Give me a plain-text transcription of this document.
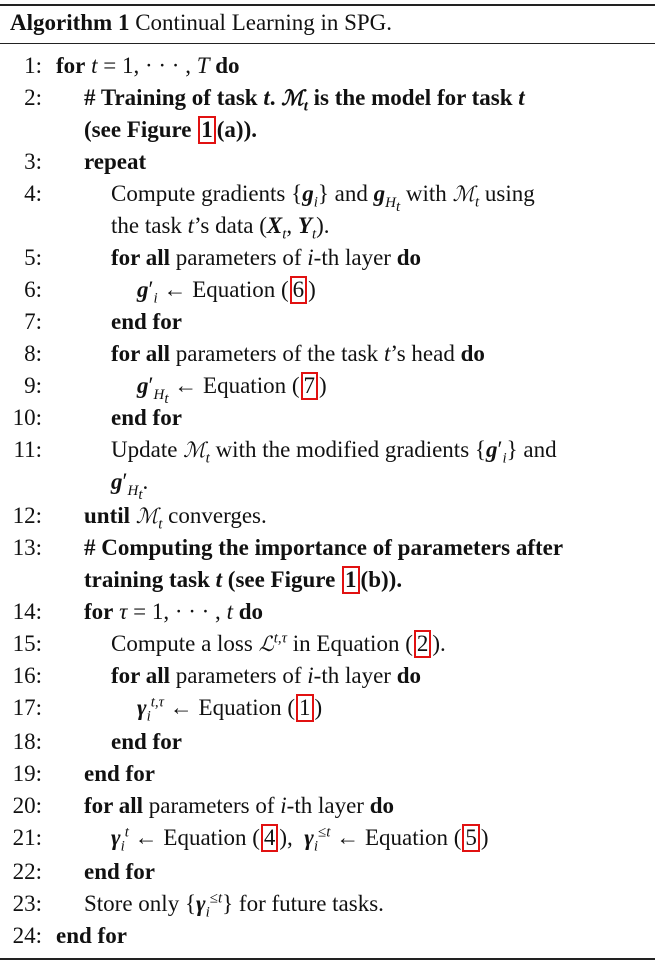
Algorithm 1 Continual Learning in SPG.
1: for t = 1, · · · , T do
2: # Training of task t. ℳ$_t$ is the model for task t
(see Figure 1 (a)).
3: repeat
4:	Compute gradients $\{g_i\}$ and $g_{H_t}$ with ℳ$_t$ using
the task t’s data ($X_t$, $Y_t$).
5:	for all parameters of i-th layer do
6:	$g'_i$ ← Equation ( 6 )
7:	end for
8:	for all parameters of the task t’s head do
9:	$g'_{H_t}$ ← Equation ( 7 )
10:	end for
11:	Update ℳ$_t$ with the modified gradients $\{g'_i\}$ and
$g'_{H_t}$.
12: until ℳ$_t$ converges.
13: # Computing the importance of parameters after
training task t (see Figure 1 (b)).
14: for τ = 1, · · · , t do
15:	Compute a loss ℒ$^{t,\tau}$ in Equation ( 2 ).
16:	for all parameters of i-th layer do
17:	$\gamma_i^{t,\tau}$ ← Equation ( 1 )
18:	end for
19: end for
20: for all parameters of i-th layer do
21:	$\gamma_i^t$ ← Equation ( 4 ),  $\gamma_i^{\le t}$ ← Equation ( 5 )
22: end for
23: Store only $\{\gamma_i^{\le t}\}$ for future tasks.
24: end for
